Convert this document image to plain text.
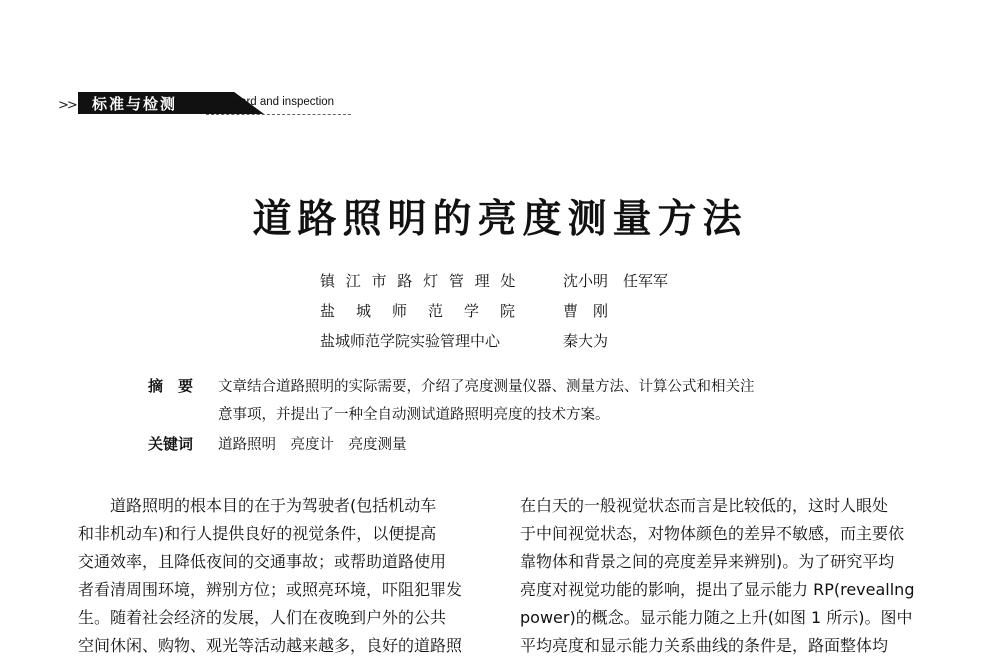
>> 标准与检测	Standard and inspection
道路照明的亮度测量方法
镇 江 市 路 灯 管 理 处	沈小明　任军军
盐　城　师　范　学　院	曹　刚
盐城师范学院实验管理中心	秦大为
摘　要 文章结合道路照明的实际需要，介绍了亮度测量仪器、测量方法、计算公式和相关注
意事项，并提出了一种全自动测试道路照明亮度的技术方案。
关键词 道路照明　亮度计　亮度测量

　　道路照明的根本目的在于为驾驶者(包括机动车

和非机动车)和行人提供良好的视觉条件，以便提高

交通效率，且降低夜间的交通事故；或帮助道路使用

者看清周围环境，辨别方位；或照亮环境，吓阻犯罪发

生。随着社会经济的发展，人们在夜晚到户外的公共

空间休闲、购物、观光等活动越来越多，良好的道路照

在白天的一般视觉状态而言是比较低的，这时人眼处

于中间视觉状态，对物体颜色的差异不敏感，而主要依

靠物体和背景之间的亮度差异来辨别)。为了研究平均

亮度对视觉功能的影响，提出了显示能力 RP(reveallng

power)的概念。显示能力随之上升(如图 1 所示)。图中

平均亮度和显示能力关系曲线的条件是，路面整体均
